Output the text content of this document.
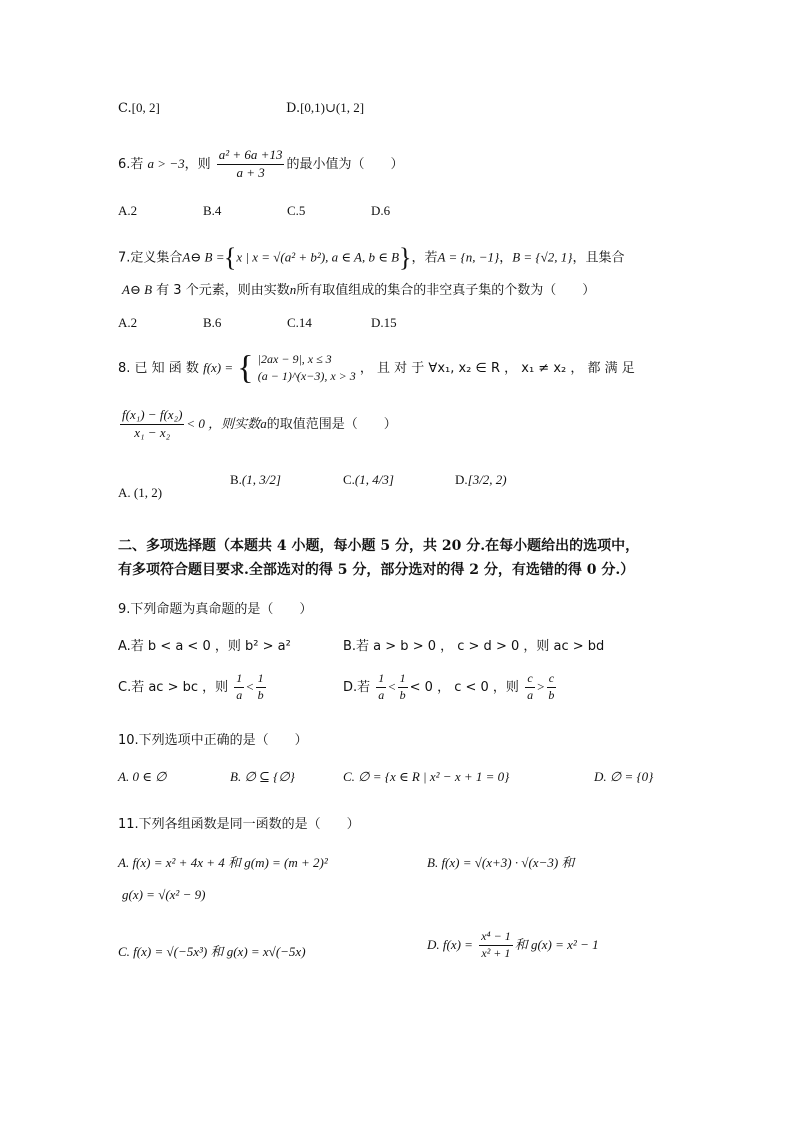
C.[0, 2]	D.[0,1)∪(1, 2]
6.若 a > −3，则 $\frac{\text{a² + 6a +13}}{a + 3}$ 的最小值为（　　）
A.2	B.4	C.5	D.6
7.定义集合A⊖ B ={x | x = √(a² + b²), a ∈ A, b ∈ B}，若A = {n, −1}，B = {√2, 1}，且集合
A⊖ B 有 3 个元素，则由实数n所有取值组成的集合的非空真子集的个数为（　　）
A.2	B.6	C.14	D.15
8. 已 知 函 数 f(x) = { |2ax − 9|, x ≤ 3
(a − 1)^(x−3), x > 3
， 且 对 于 ∀x₁, x₂ ∈ R ， x₁ ≠ x₂ ， 都 满 足
$\frac{\text{f(x₁) − f(x₂)}}{\text{x₁ − x₂}} < 0$ ，则实数a的取值范围是（　　）
A. (1, 2)
B.(1, 3/2]	C.(1, 4/3]	D.[3/2, 2)
二、多项选择题（本题共 4 小题，每小题 5 分，共 20 分.在每小题给出的选项中，
有多项符合题目要求.全部选对的得 5 分，部分选对的得 2 分，有选错的得 0 分.）
9.下列命题为真命题的是（　　）
A.若 b < a < 0 ，则 b² > a²	B.若 a > b > 0 ， c > d > 0 ，则 ac > bd
C.若 ac > bc ，则 $\frac{1}{a} < \frac{1}{b}$	D.若 $\frac{1}{a} < \frac{1}{b} < 0$ ， c < 0 ，则 $\frac{c}{a} > \frac{c}{b}$
10.下列选项中正确的是（　　）
A. 0 ∈ ∅	B. ∅ ⊆ {∅}	C. ∅ = {x ∈ R | x² − x + 1 = 0}	D. ∅ = {0}
11.下列各组函数是同一函数的是（　　）
A. f(x) = x² + 4x + 4 和 g(m) = (m + 2)²	B. f(x) = √(x+3) · √(x−3) 和
g(x) = √(x² − 9)
C. f(x) = √(−5x³) 和 g(x) = x√(−5x)	D. $f(x) = \frac{\text{x⁴ − 1}}{\text{x² + 1}}$ 和 g(x) = x² − 1
